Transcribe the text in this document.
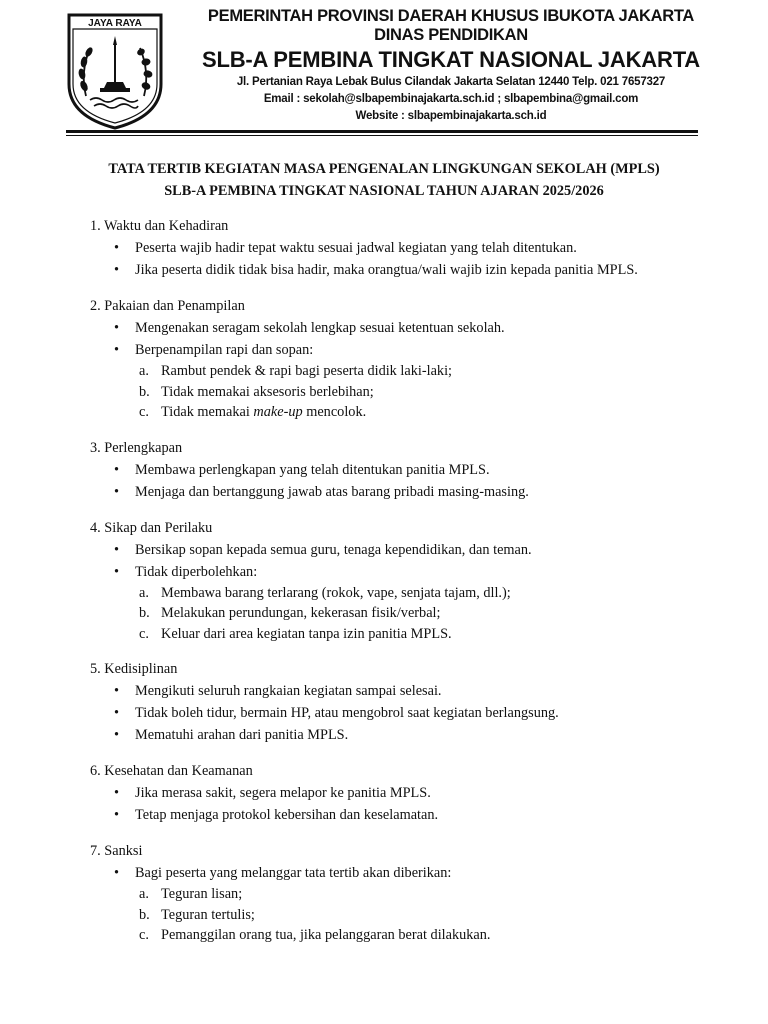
JAYA RAYA	PEMERINTAH PROVINSI DAERAH KHUSUS IBUKOTA JAKARTA
DINAS PENDIDIKAN
SLB-A PEMBINA TINGKAT NASIONAL JAKARTA
Jl. Pertanian Raya Lebak Bulus Cilandak Jakarta Selatan 12440 Telp. 021 7657327
Email : sekolah@slbapembinajakarta.sch.id ; slbapembina@gmail.com
Website : slbapembinajakarta.sch.id
TATA TERTIB KEGIATAN MASA PENGENALAN LINGKUNGAN SEKOLAH (MPLS)
SLB-A PEMBINA TINGKAT NASIONAL TAHUN AJARAN 2025/2026
1. Waktu dan Kehadiran
• Peserta wajib hadir tepat waktu sesuai jadwal kegiatan yang telah ditentukan.
• Jika peserta didik tidak bisa hadir, maka orangtua/wali wajib izin kepada panitia MPLS.
2. Pakaian dan Penampilan
• Mengenakan seragam sekolah lengkap sesuai ketentuan sekolah.
• Berpenampilan rapi dan sopan:
a. Rambut pendek & rapi bagi peserta didik laki-laki;
b. Tidak memakai aksesoris berlebihan;
c. Tidak memakai make-up mencolok.
3. Perlengkapan
• Membawa perlengkapan yang telah ditentukan panitia MPLS.
• Menjaga dan bertanggung jawab atas barang pribadi masing-masing.
4. Sikap dan Perilaku
• Bersikap sopan kepada semua guru, tenaga kependidikan, dan teman.
• Tidak diperbolehkan:
a. Membawa barang terlarang (rokok, vape, senjata tajam, dll.);
b. Melakukan perundungan, kekerasan fisik/verbal;
c. Keluar dari area kegiatan tanpa izin panitia MPLS.
5. Kedisiplinan
• Mengikuti seluruh rangkaian kegiatan sampai selesai.
• Tidak boleh tidur, bermain HP, atau mengobrol saat kegiatan berlangsung.
• Mematuhi arahan dari panitia MPLS.
6. Kesehatan dan Keamanan
• Jika merasa sakit, segera melapor ke panitia MPLS.
• Tetap menjaga protokol kebersihan dan keselamatan.
7. Sanksi
• Bagi peserta yang melanggar tata tertib akan diberikan:
a. Teguran lisan;
b. Teguran tertulis;
c. Pemanggilan orang tua, jika pelanggaran berat dilakukan.
